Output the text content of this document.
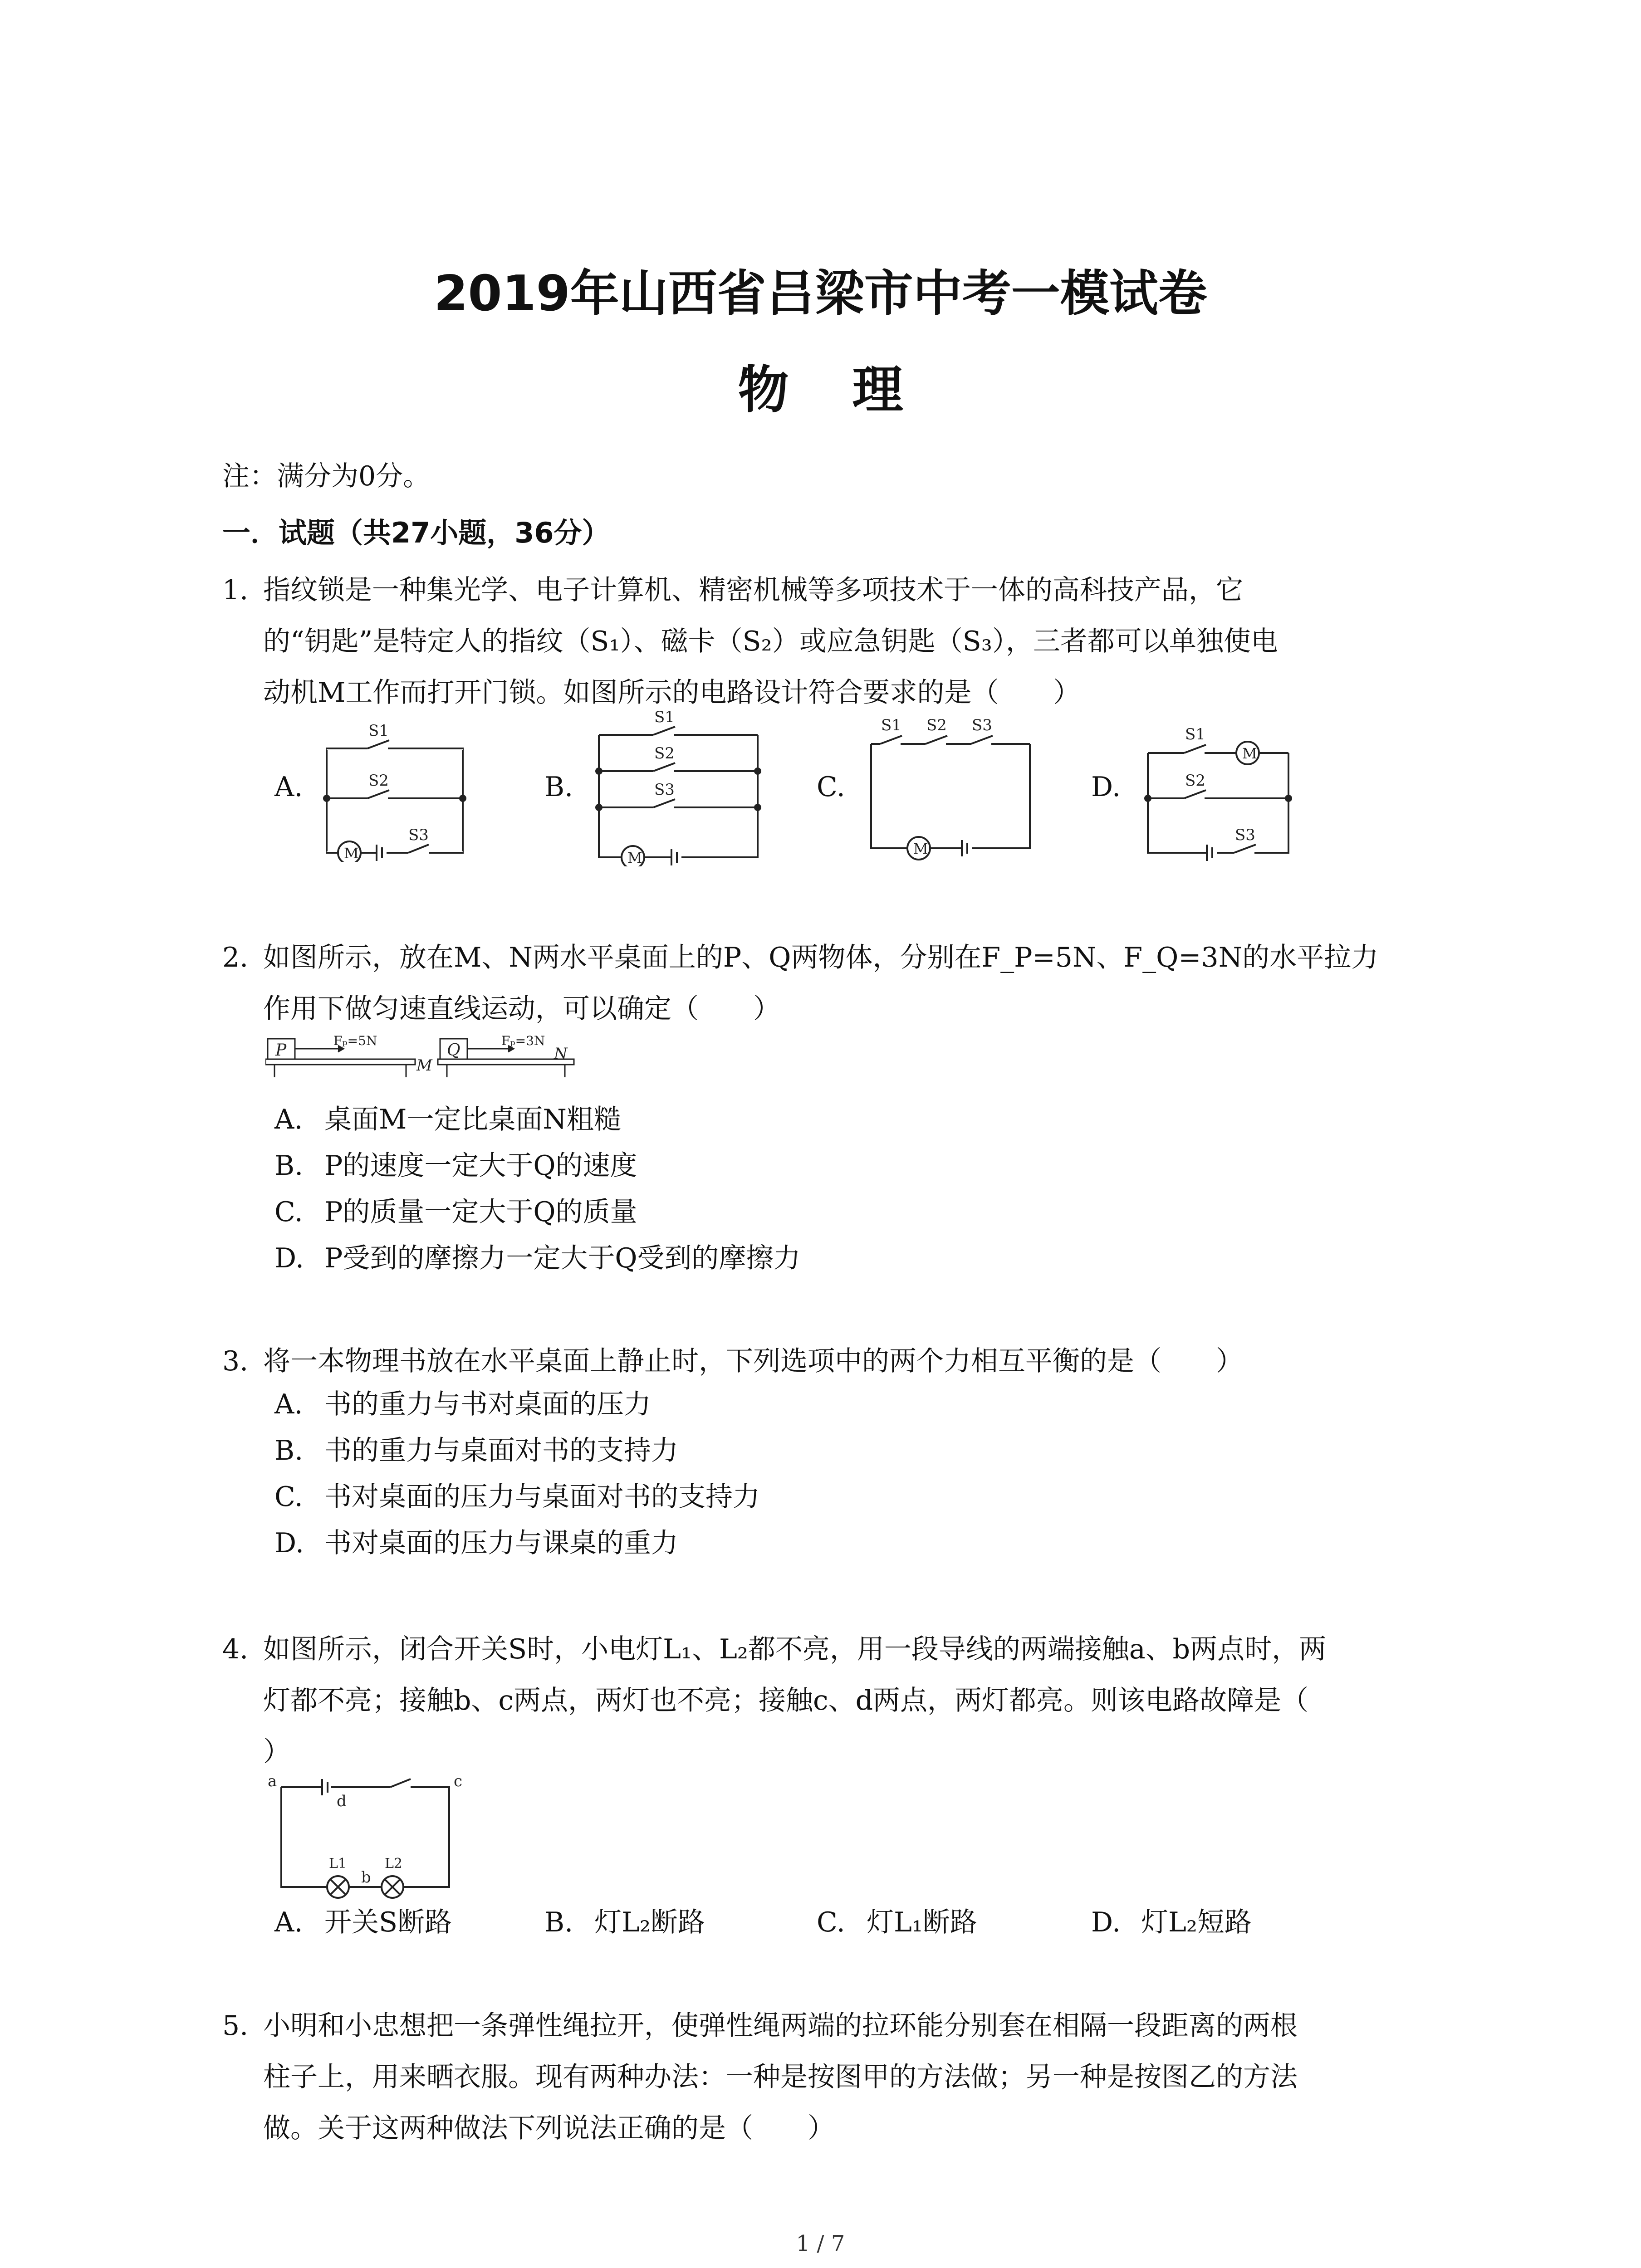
2019年山西省吕梁市中考一模试卷
物理
注：满分为0分。
一．试题（共27小题，36分）
1. 指纹锁是一种集光学、电子计算机、精密机械等多项技术于一体的高科技产品，它
的“钥匙”是特定人的指纹（S₁）、磁卡（S₂）或应急钥匙（S₃），三者都可以单独使电
动机M工作而打开门锁。如图所示的电路设计符合要求的是（　　）
A.	B.	C.	D.
S1
S2
S3
M
S1
S2
S3
M
S1 S2 S3
M
S1
S2
S3
M
2. 如图所示，放在M、N两水平桌面上的P、Q两物体，分别在F_P=5N、F_Q=3N的水平拉力
作用下做匀速直线运动，可以确定（　　）
P
Fₚ=5N
M
Q
Fₚ=3N
N
A. 桌面M一定比桌面N粗糙
B. P的速度一定大于Q的速度
C. P的质量一定大于Q的质量
D. P受到的摩擦力一定大于Q受到的摩擦力
3. 将一本物理书放在水平桌面上静止时，下列选项中的两个力相互平衡的是（　　）
A. 书的重力与书对桌面的压力
B. 书的重力与桌面对书的支持力
C. 书对桌面的压力与桌面对书的支持力
D. 书对桌面的压力与课桌的重力
4. 如图所示，闭合开关S时，小电灯L₁、L₂都不亮，用一段导线的两端接触a、b两点时，两
灯都不亮；接触b、c两点，两灯也不亮；接触c、d两点，两灯都亮。则该电路故障是（
）
a	c
d
b
L1	L2
A. 开关S断路	B. 灯L₂断路	C. 灯L₁断路	D. 灯L₂短路
5. 小明和小忠想把一条弹性绳拉开，使弹性绳两端的拉环能分别套在相隔一段距离的两根
柱子上，用来晒衣服。现有两种办法：一种是按图甲的方法做；另一种是按图乙的方法
做。关于这两种做法下列说法正确的是（　　）
1 / 7
